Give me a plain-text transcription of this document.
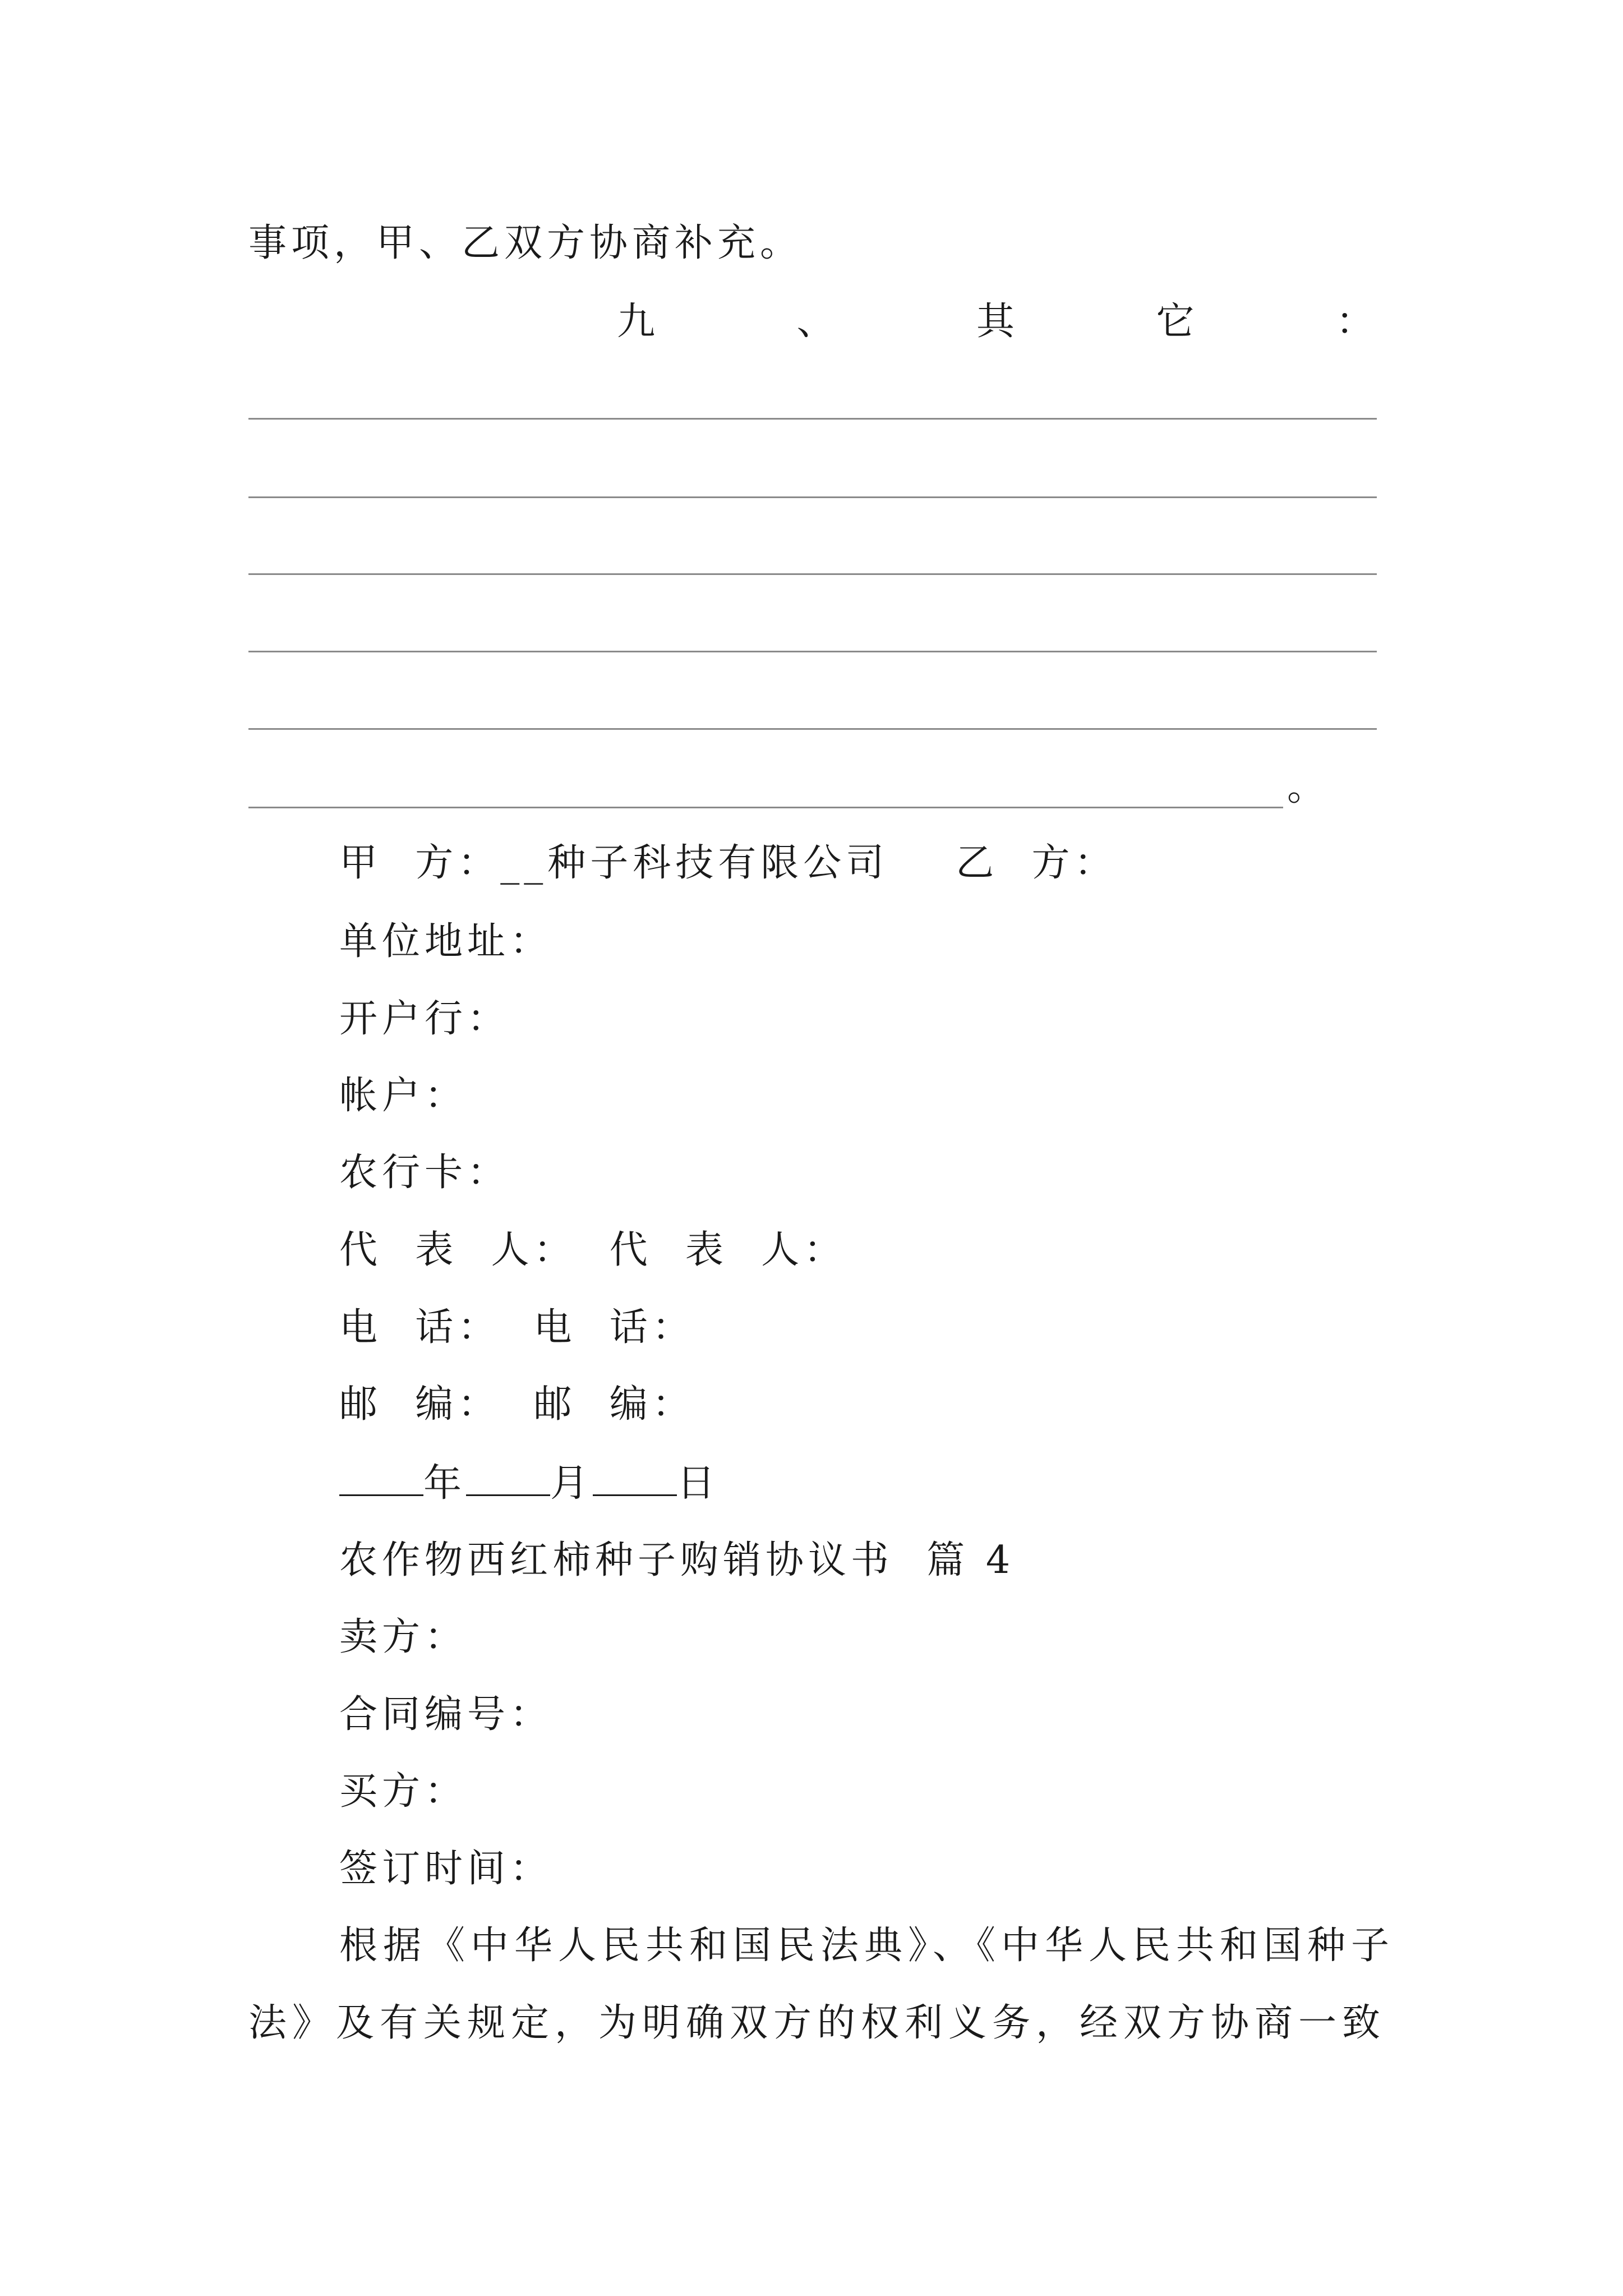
事项，甲、乙双方协商补充。
九	、	其	它	：
。
甲  方：__种子科技有限公司 乙  方：
单位地址：
开户行：
帐户：
农行卡：
代  表  人：  代  表  人：
电  话：  电  话：
邮  编：  邮  编：
年 月 日
农作物西红柿种子购销协议书  篇 4
卖方：
合同编号：
买方：
签订时间：
根据《中华人民共和国民法典》、《中华人民共和国种子
法》及有关规定，为明确双方的权利义务，经双方协商一致
